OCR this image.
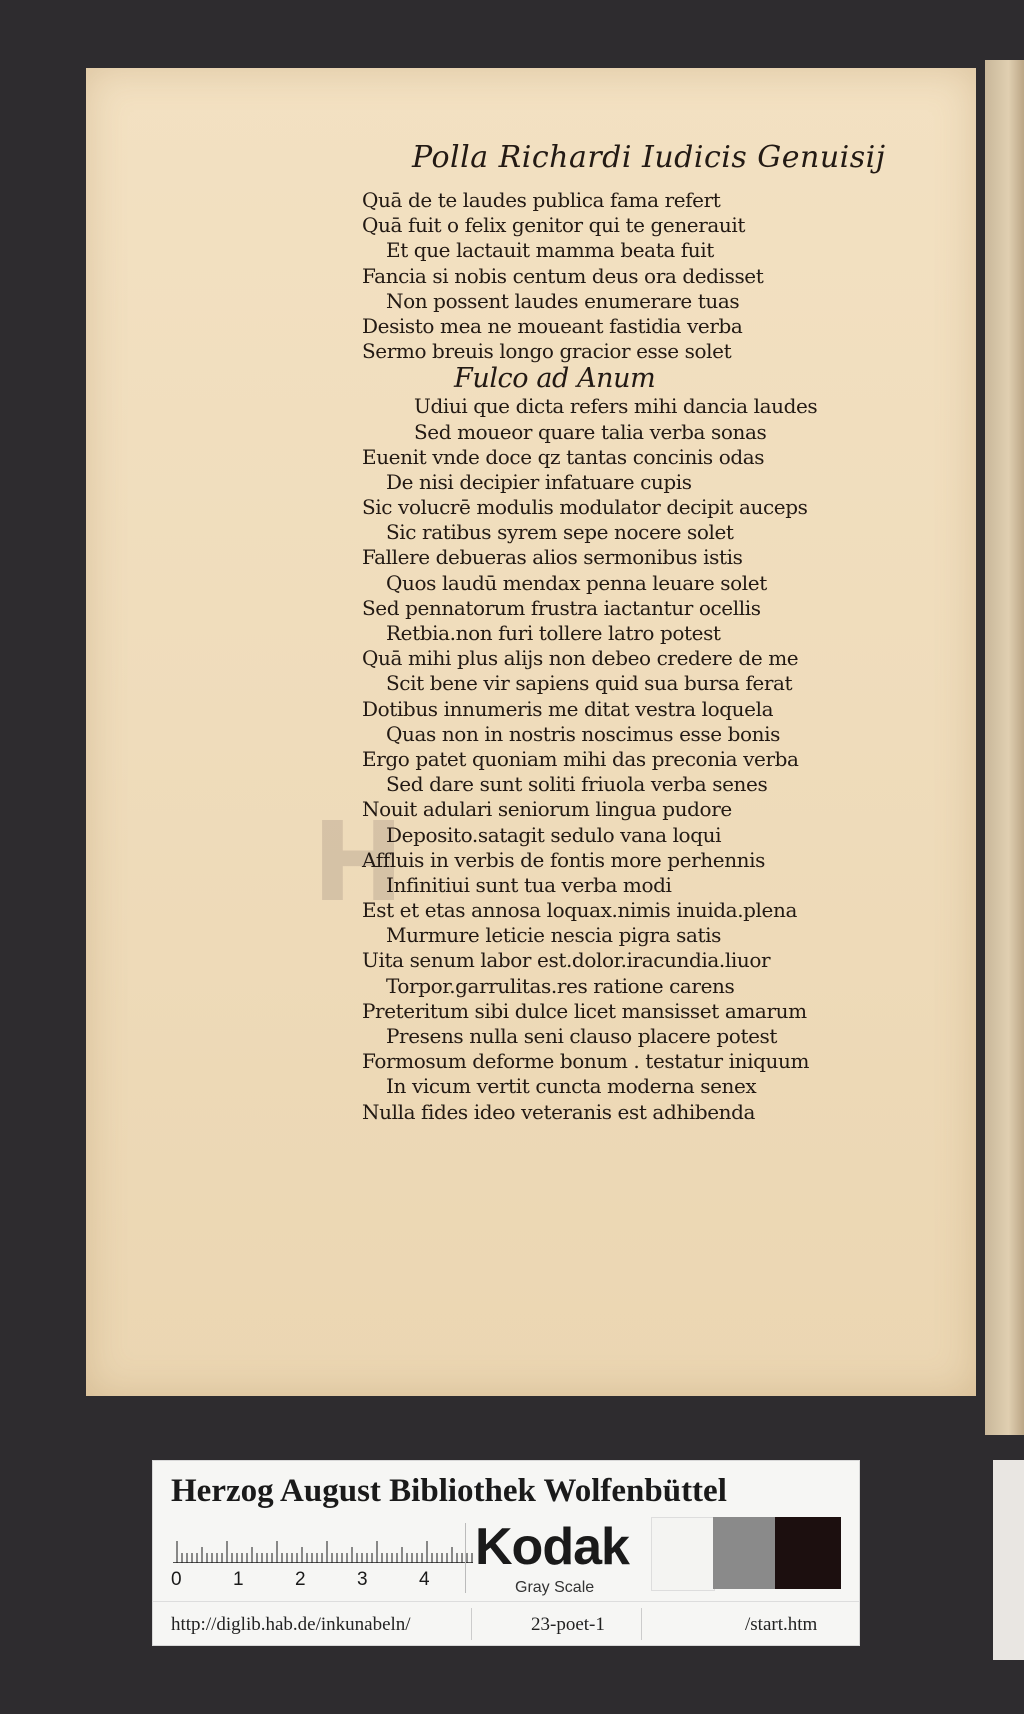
H
Polla Richardi Iudicis Genuisij
Quā de te laudes publica fama refert
Quā fuit o felix genitor qui te generauit
Et que lactauit mamma beata fuit
Fancia si nobis centum deus ora dedisset
Non possent laudes enumerare tuas
Desisto mea ne moueant fastidia verba
Sermo breuis longo gracior esse solet
Fulco ad Anum
Udiui que dicta refers mihi dancia laudes
Sed moueor quare talia verba sonas
Euenit vnde doce qz tantas concinis odas
De nisi decipier infatuare cupis
Sic volucrē modulis modulator decipit auceps
Sic ratibus syrem sepe nocere solet
Fallere debueras alios sermonibus istis
Quos laudū mendax penna leuare solet
Sed pennatorum frustra iactantur ocellis
Retbia.non furi tollere latro potest
Quā mihi plus alijs non debeo credere de me
Scit bene vir sapiens quid sua bursa ferat
Dotibus innumeris me ditat vestra loquela
Quas non in nostris noscimus esse bonis
Ergo patet quoniam mihi das preconia verba
Sed dare sunt soliti friuola verba senes
Nouit adulari seniorum lingua pudore
Deposito.satagit sedulo vana loqui
Affluis in verbis de fontis more perhennis
Infinitiui sunt tua verba modi
Est et etas annosa loquax.nimis inuida.plena
Murmure leticie nescia pigra satis
Uita senum labor est.dolor.iracundia.liuor
Torpor.garrulitas.res ratione carens
Preteritum sibi dulce licet mansisset amarum
Presens nulla seni clauso placere potest
Formosum deforme bonum . testatur iniquum
In vicum vertit cuncta moderna senex
Nulla fides ideo veteranis est adhibenda
Herzog August Bibliothek Wolfenbüttel
0	1	2	3	4
Kodak
Gray Scale
http://diglib.hab.de/inkunabeln/	23-poet-1	/start.htm
